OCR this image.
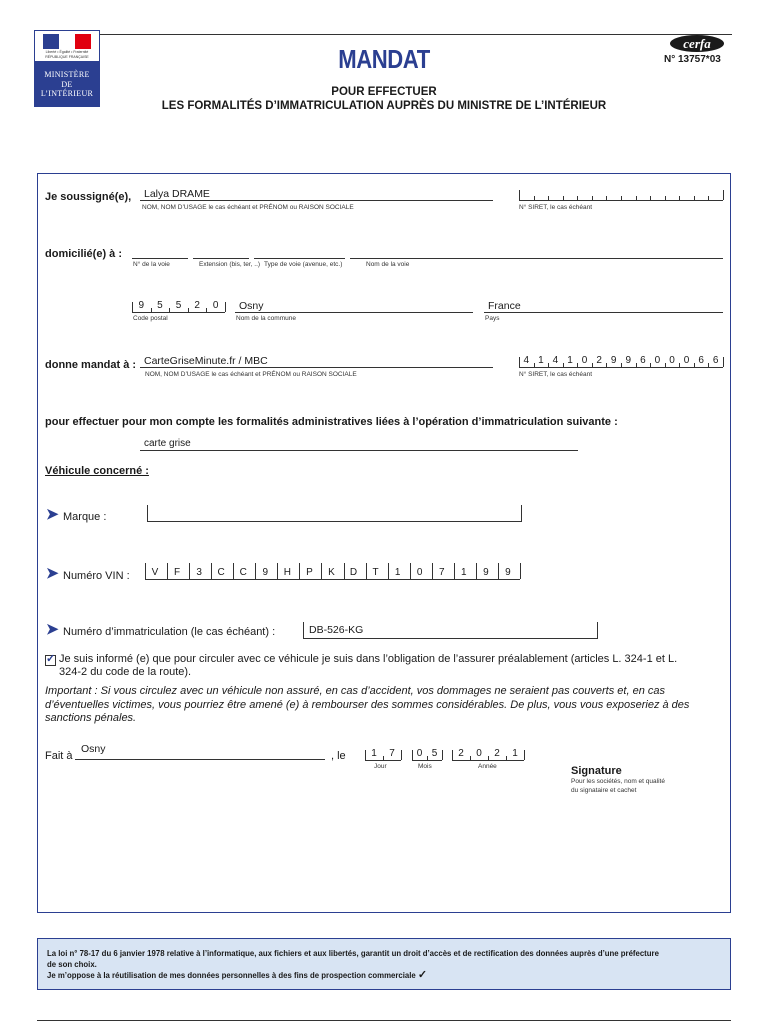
Liberté • Égalité • Fraternité
RÉPUBLIQUE FRANÇAISE
MINISTÈRE
DE
L’INTÉRIEUR
MANDAT
cerfa
N° 13757*03
POUR EFFECTUER
LES FORMALITÉS D’IMMATRICULATION AUPRÈS DU MINISTRE DE L’INTÉRIEUR
Je soussigné(e), Lalya DRAME
NOM, NOM D’USAGE le cas échéant et PRÉNOM ou RAISON SOCIALE	N° SIRET, le cas échéant
domicilié(e) à :
N° de la voie	Extension (bis, ter, ..) Type de voie (avenue, etc.)	Nom de la voie
9	5	5	2	0
Code postal
Osny
Nom de la commune
France
Pays
donne mandat à : CarteGriseMinute.fr / MBC
NOM, NOM D’USAGE le cas échéant et PRÉNOM ou RAISON SOCIALE
4 1 4 1 0 2 9 9 6 0 0 0 6 6
N° SIRET, le cas échéant
pour effectuer pour mon compte les formalités administratives liées à l’opération d’immatriculation suivante :
carte grise
Véhicule concerné :
➤ Marque :
➤ Numéro VIN :	V	F	3	C	C	9	H	P	K	D	T	1	0	7	1	9	9
➤ Numéro d’immatriculation (le cas échéant) :	DB-526-KG
✓ Je suis informé (e) que pour circuler avec ce véhicule je suis dans l’obligation de l’assurer préalablement (articles L. 324-1 et L.
324-2 du code de la route).
Important : Si vous circulez avec un véhicule non assuré, en cas d’accident, vos dommages ne seraient pas couverts et, en cas
d’éventuelles victimes, vous pourriez être amené (e) à rembourser des sommes considérables. De plus, vous vous exposeriez à des
sanctions pénales.
Fait à
Osny
, le	1	7	0 5	2	0	2	1
Jour	Mois	Année	Signature
Pour les sociétés, nom et qualité
du signataire et cachet
La loi n° 78-17 du 6 janvier 1978 relative à l’informatique, aux fichiers et aux libertés, garantit un droit d’accès et de rectification des données auprès d’une préfecture
de son choix.
Je m’oppose à la réutilisation de mes données personnelles à des fins de prospection commerciale ✓
